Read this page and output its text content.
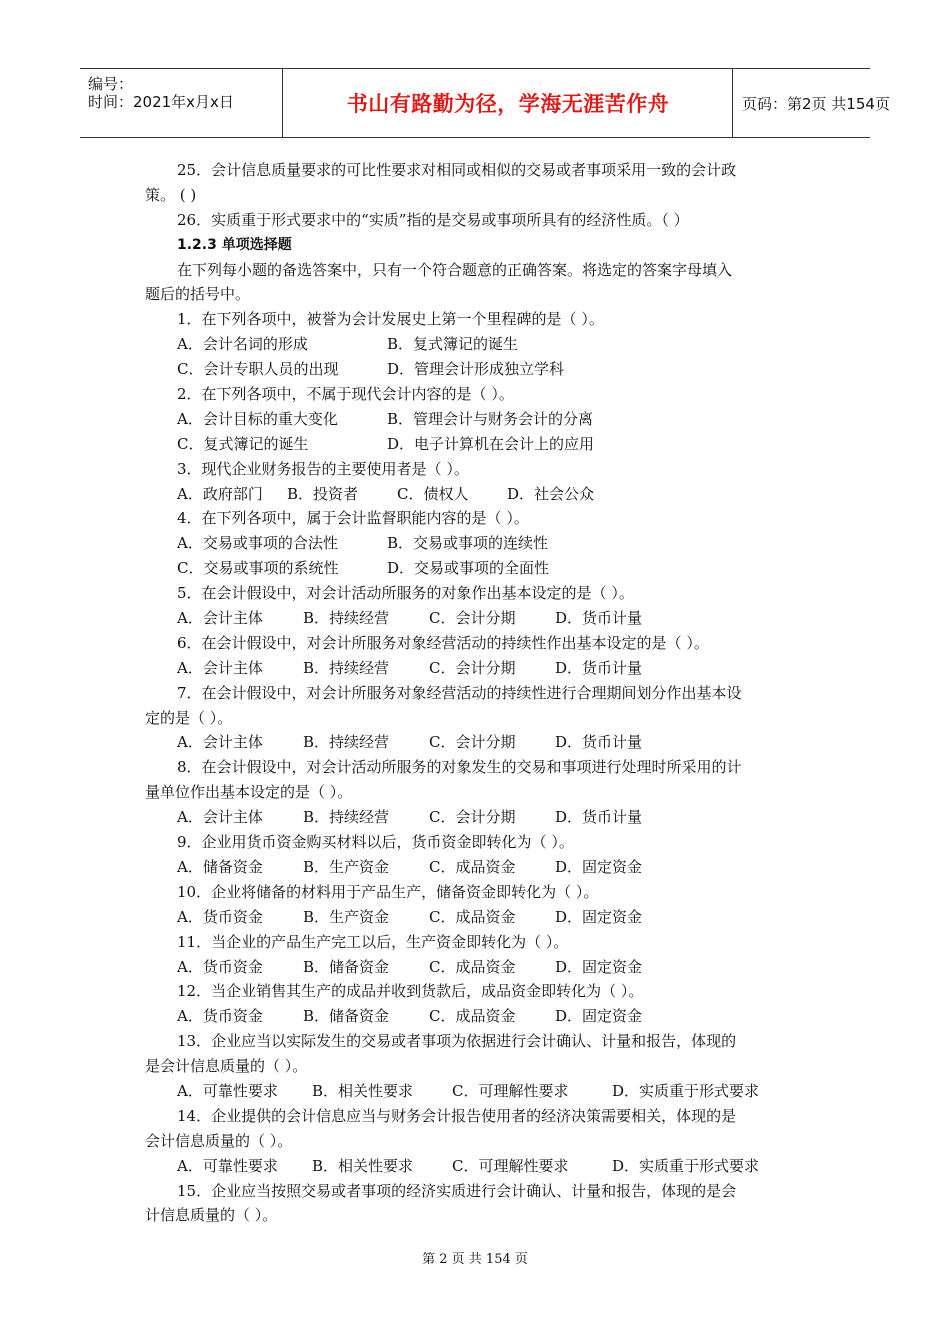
编号：
时间：2021年x月x日	书山有路勤为径，学海无涯苦作舟	页码：第2页 共154页
25．会计信息质量要求的可比性要求对相同或相似的交易或者事项采用一致的会计政
策。 ( )
26．实质重于形式要求中的“实质”指的是交易或事项所具有的经济性质。（ ）
1.2.3 单项选择题
在下列每小题的备选答案中，只有一个符合题意的正确答案。将选定的答案字母填入
题后的括号中。
1．在下列各项中，被誉为会计发展史上第一个里程碑的是（ ）。
A．会计名词的形成	B．复式簿记的诞生
C．会计专职人员的出现	D．管理会计形成独立学科
2．在下列各项中，不属于现代会计内容的是（ ）。
A．会计目标的重大变化	B．管理会计与财务会计的分离
C．复式簿记的诞生	D．电子计算机在会计上的应用
3．现代企业财务报告的主要使用者是（ ）。
A．政府部门	B．投资者	C．债权人	D．社会公众
4．在下列各项中，属于会计监督职能内容的是（ ）。
A．交易或事项的合法性	B．交易或事项的连续性
C．交易或事项的系统性	D．交易或事项的全面性
5．在会计假设中，对会计活动所服务的对象作出基本设定的是（ ）。
A．会计主体	B．持续经营	C．会计分期	D．货币计量
6．在会计假设中，对会计所服务对象经营活动的持续性作出基本设定的是（ ）。
A．会计主体	B．持续经营	C．会计分期	D．货币计量
7．在会计假设中，对会计所服务对象经营活动的持续性进行合理期间划分作出基本设
定的是（ ）。
A．会计主体	B．持续经营	C．会计分期	D．货币计量
8．在会计假设中，对会计活动所服务的对象发生的交易和事项进行处理时所采用的计
量单位作出基本设定的是（ ）。
A．会计主体	B．持续经营	C．会计分期	D．货币计量
9．企业用货币资金购买材料以后，货币资金即转化为（ ）。
A．储备资金	B．生产资金	C．成品资金	D．固定资金
10．企业将储备的材料用于产品生产，储备资金即转化为（ ）。
A．货币资金	B．生产资金	C．成品资金	D．固定资金
11．当企业的产品生产完工以后，生产资金即转化为（ ）。
A．货币资金	B．储备资金	C．成品资金	D．固定资金
12．当企业销售其生产的成品并收到货款后，成品资金即转化为（ ）。
A．货币资金	B．储备资金	C．成品资金	D．固定资金
13．企业应当以实际发生的交易或者事项为依据进行会计确认、计量和报告，体现的
是会计信息质量的（ ）。
A．可靠性要求	B．相关性要求	C．可理解性要求	D．实质重于形式要求
14．企业提供的会计信息应当与财务会计报告使用者的经济决策需要相关，体现的是
会计信息质量的（ ）。
A．可靠性要求	B．相关性要求	C．可理解性要求	D．实质重于形式要求
15．企业应当按照交易或者事项的经济实质进行会计确认、计量和报告，体现的是会
计信息质量的（ ）。
第 2 页 共 154 页
